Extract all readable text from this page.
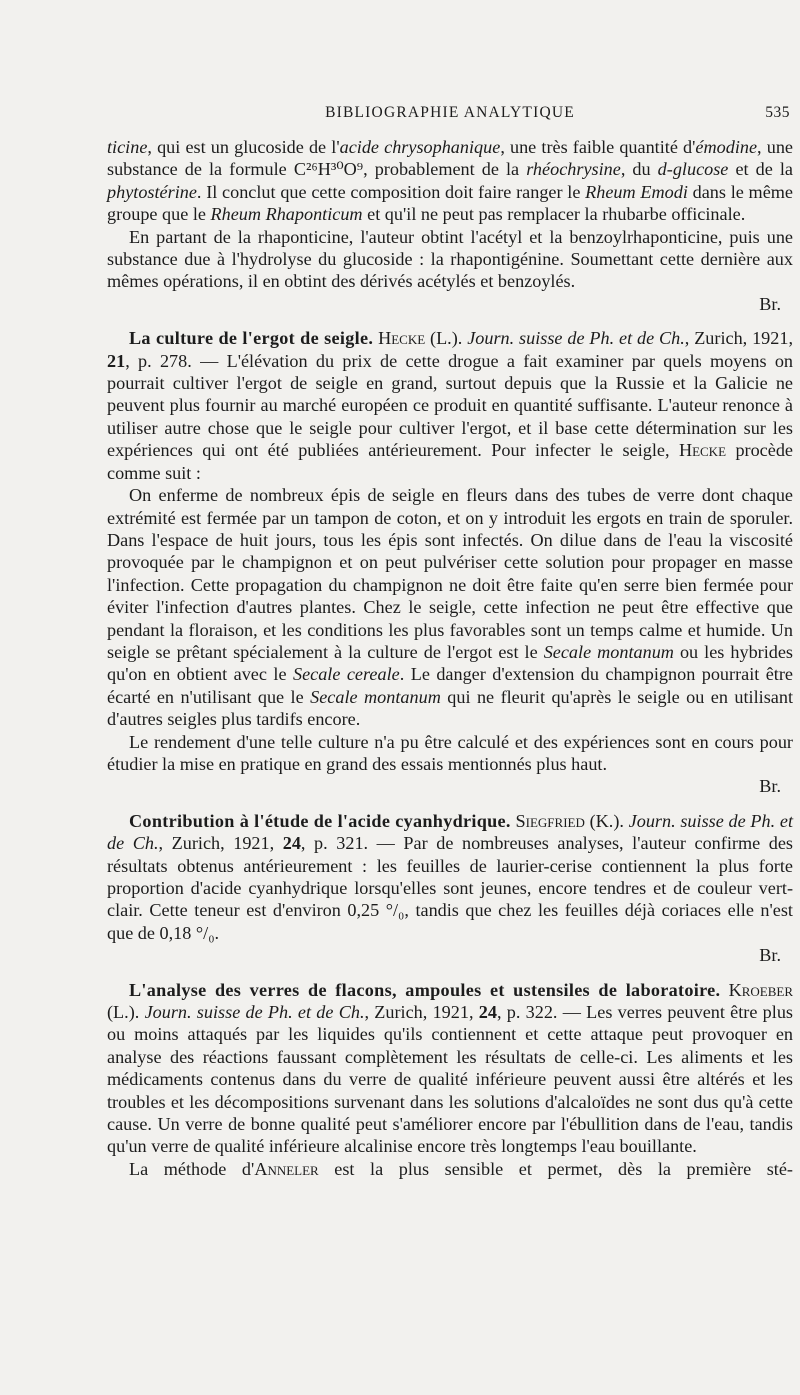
BIBLIOGRAPHIE ANALYTIQUE	535

ticine, qui est un glucoside de l'acide chrysophanique, une très faible quantité d'émodine, une substance de la formule C²⁶H³⁰O⁹, probablement de la rhéochrysine, du d-glucose et de la phytostérine. Il conclut que cette composition doit faire ranger le Rheum Emodi dans le même groupe que le Rheum Rhaponticum et qu'il ne peut pas remplacer la rhubarbe officinale.

En partant de la rhaponticine, l'auteur obtint l'acétyl et la benzoylrhaponticine, puis une substance due à l'hydrolyse du glucoside : la rhapontigénine. Soumettant cette dernière aux mêmes opérations, il en obtint des dérivés acétylés et benzoylés.

Br.

La culture de l'ergot de seigle. Hecke (L.). Journ. suisse de Ph. et de Ch., Zurich, 1921, 21, p. 278. — L'élévation du prix de cette drogue a fait examiner par quels moyens on pourrait cultiver l'ergot de seigle en grand, surtout depuis que la Russie et la Galicie ne peuvent plus fournir au marché européen ce produit en quantité suffisante. L'auteur renonce à utiliser autre chose que le seigle pour cultiver l'ergot, et il base cette détermination sur les expériences qui ont été publiées antérieurement. Pour infecter le seigle, Hecke procède comme suit :

On enferme de nombreux épis de seigle en fleurs dans des tubes de verre dont chaque extrémité est fermée par un tampon de coton, et on y introduit les ergots en train de sporuler. Dans l'espace de huit jours, tous les épis sont infectés. On dilue dans de l'eau la viscosité provoquée par le champignon et on peut pulvériser cette solution pour propager en masse l'infection. Cette propagation du champignon ne doit être faite qu'en serre bien fermée pour éviter l'infection d'autres plantes. Chez le seigle, cette infection ne peut être effective que pendant la floraison, et les conditions les plus favorables sont un temps calme et humide. Un seigle se prêtant spécialement à la culture de l'ergot est le Secale montanum ou les hybrides qu'on en obtient avec le Secale cereale. Le danger d'extension du champignon pourrait être écarté en n'utilisant que le Secale montanum qui ne fleurit qu'après le seigle ou en utilisant d'autres seigles plus tardifs encore.

Le rendement d'une telle culture n'a pu être calculé et des expériences sont en cours pour étudier la mise en pratique en grand des essais mentionnés plus haut.

Br.

Contribution à l'étude de l'acide cyanhydrique. Siegfried (K.). Journ. suisse de Ph. et de Ch., Zurich, 1921, 24, p. 321. — Par de nombreuses analyses, l'auteur confirme des résultats obtenus antérieurement : les feuilles de laurier-cerise contiennent la plus forte proportion d'acide cyanhydrique lorsqu'elles sont jeunes, encore tendres et de couleur vert-clair. Cette teneur est d'environ 0,25 °/₀, tandis que chez les feuilles déjà coriaces elle n'est que de 0,18 °/₀.

Br.

L'analyse des verres de flacons, ampoules et ustensiles de laboratoire. Kroeber (L.). Journ. suisse de Ph. et de Ch., Zurich, 1921, 24, p. 322. — Les verres peuvent être plus ou moins attaqués par les liquides qu'ils contiennent et cette attaque peut provoquer en analyse des réactions faussant complètement les résultats de celle-ci. Les aliments et les médicaments contenus dans du verre de qualité inférieure peuvent aussi être altérés et les troubles et les décompositions survenant dans les solutions d'alcaloïdes ne sont dus qu'à cette cause. Un verre de bonne qualité peut s'améliorer encore par l'ébullition dans de l'eau, tandis qu'un verre de qualité inférieure alcalinise encore très longtemps l'eau bouillante.

La méthode d'Anneler est la plus sensible et permet, dès la première sté-
